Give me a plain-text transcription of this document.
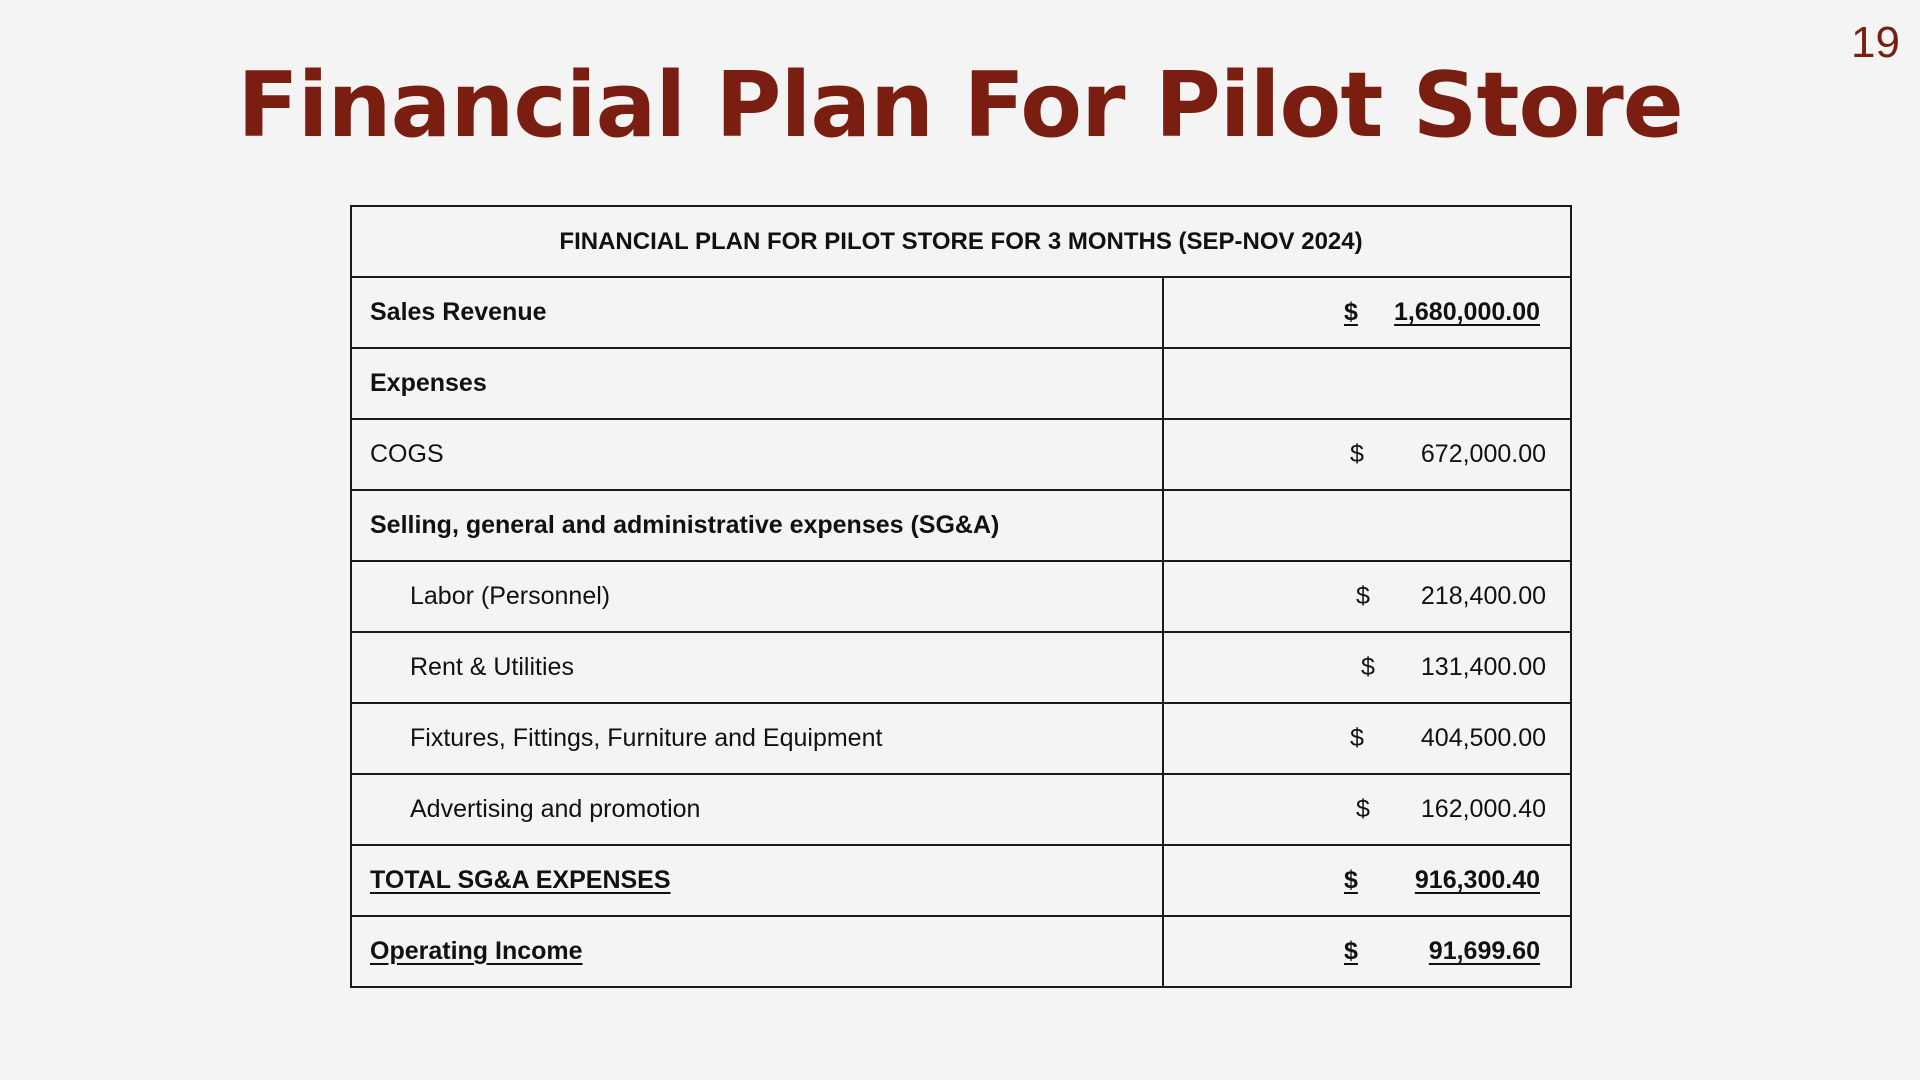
19
Financial Plan For Pilot Store
FINANCIAL PLAN FOR PILOT STORE FOR 3 MONTHS (SEP-NOV 2024)	
Sales Revenue	$ 1,680,000.00

Expenses	
COGS	$ 672,000.00

Selling, general and administrative expenses (SG&A)	
Labor (Personnel)	$ 218,400.00

Rent & Utilities	$ 131,400.00

Fixtures, Fittings, Furniture and Equipment	$ 404,500.00

Advertising and promotion	$ 162,000.40

TOTAL SG&A EXPENSES	$ 916,300.40

Operating Income	$ 91,699.60
